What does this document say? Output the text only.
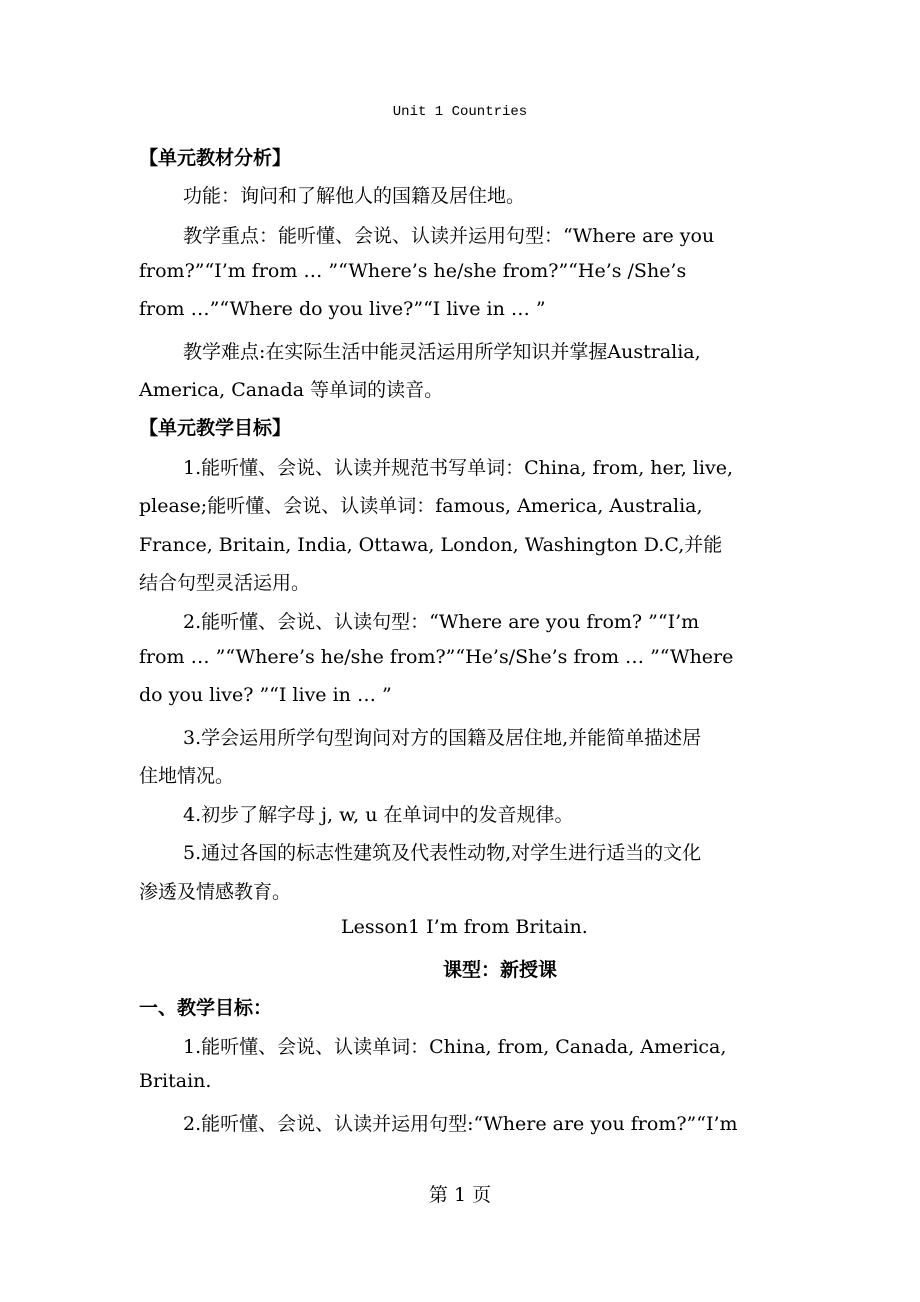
Unit 1 Countries
【单元教材分析】
功能：询问和了解他人的国籍及居住地。
教学重点：能听懂、会说、认读并运用句型：“Where are you
from?”“I’m from … ”“Where’s he/she from?”“He’s /She’s
from …”“Where do you live?”“I live in … ”
教学难点:在实际生活中能灵活运用所学知识并掌握Australia,
America, Canada 等单词的读音。
【单元教学目标】
1.能听懂、会说、认读并规范书写单词：China, from, her, live,
please;能听懂、会说、认读单词：famous, America, Australia,
France, Britain, India, Ottawa, London, Washington D.C,并能
结合句型灵活运用。
2.能听懂、会说、认读句型：“Where are you from? ”“I’m
from … ”“Where’s he/she from?”“He’s/She’s from … ”“Where
do you live? ”“I live in … ”
3.学会运用所学句型询问对方的国籍及居住地,并能简单描述居
住地情况。
4.初步了解字母 j, w, u 在单词中的发音规律。
5.通过各国的标志性建筑及代表性动物,对学生进行适当的文化
渗透及情感教育。
Lesson1 I’m from Britain.
课型：新授课
一、教学目标：
1.能听懂、会说、认读单词：China, from, Canada, America,
Britain.
2.能听懂、会说、认读并运用句型:“Where are you from?”“I’m
第 1 页
